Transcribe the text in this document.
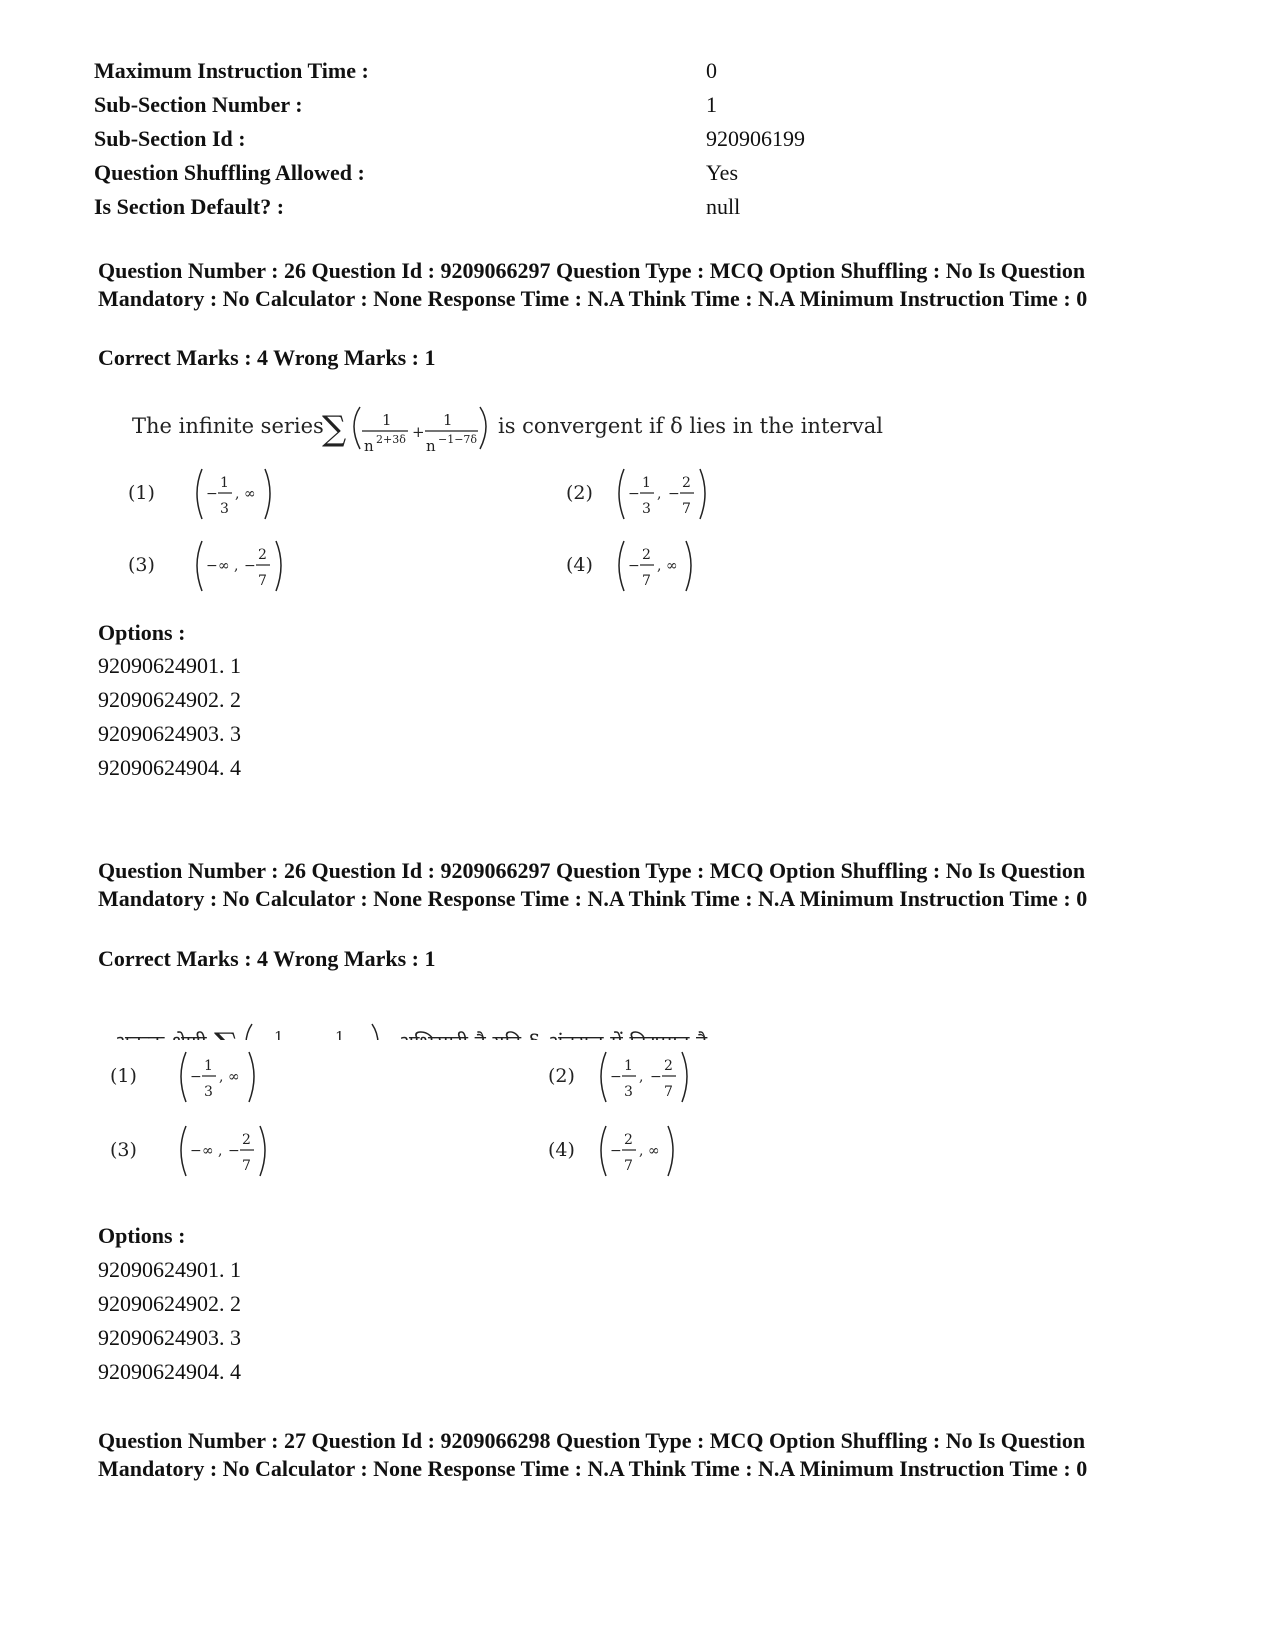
Maximum Instruction Time :	0
Sub-Section Number :	1
Sub-Section Id :	920906199
Question Shuffling Allowed :	Yes
Is Section Default? :	null
Question Number : 26 Question Id : 9209066297 Question Type : MCQ Option Shuffling : No Is Question Mandatory : No Calculator : None Response Time : N.A Think Time : N.A Minimum Instruction Time : 0
Correct Marks : 4 Wrong Marks : 1
The infinite series
∑ 1
n 2+3δ +
1
n −1−7δ
is convergent if δ lies in the interval
(1)	−
1
3
, ∞	(2)	−
1
3
, −
2
7
(3)	− ∞ , −
2
7
(4)	−
2
7
, ∞
Options :
92090624901. 1
92090624902. 2
92090624903. 3
92090624904. 4
Question Number : 26 Question Id : 9209066297 Question Type : MCQ Option Shuffling : No Is Question Mandatory : No Calculator : None Response Time : N.A Think Time : N.A Minimum Instruction Time : 0
Correct Marks : 4 Wrong Marks : 1
अनन्तः श्रेणी ∑ 1
n 2+3δ +
1
n −1−7δ
अभिसारी है यदि δ अंतराल में विद्यमान है –
(1)	−
1
3
, ∞	(2)	−
1
3
, −
2
7
(3)	− ∞ , −
2
7
(4)	−
2
7
, ∞
Options :
92090624901. 1
92090624902. 2
92090624903. 3
92090624904. 4
Question Number : 27 Question Id : 9209066298 Question Type : MCQ Option Shuffling : No Is Question Mandatory : No Calculator : None Response Time : N.A Think Time : N.A Minimum Instruction Time : 0
